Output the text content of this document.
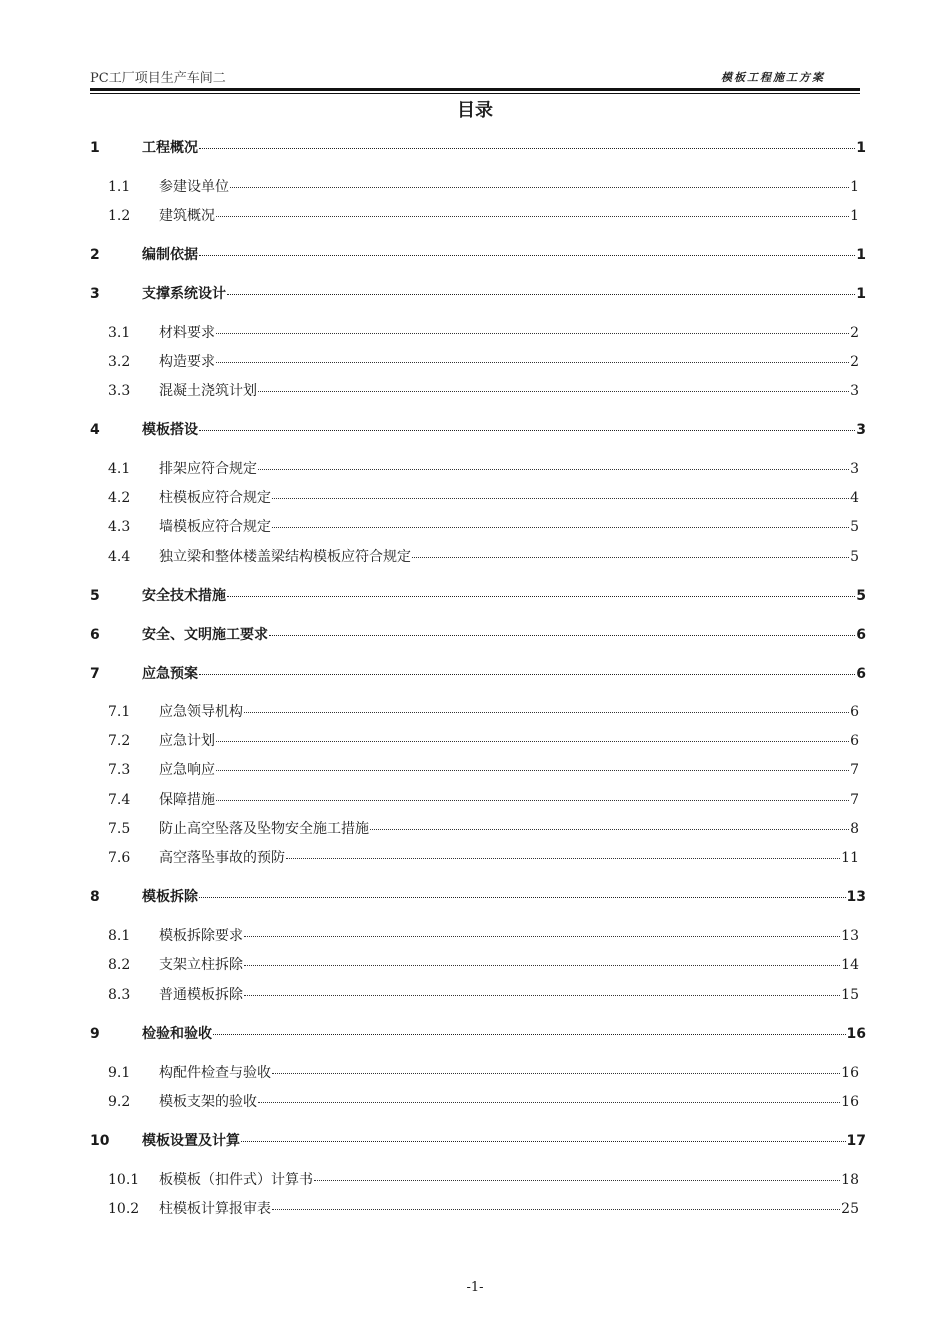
PC工厂项目生产车间二	模板工程施工方案
目录
1	工程概况	1
1.1	参建设单位	1
1.2	建筑概况	1
2	编制依据	1
3	支撑系统设计	1
3.1	材料要求	2
3.2	构造要求	2
3.3	混凝土浇筑计划	3
4	模板搭设	3
4.1	排架应符合规定	3
4.2	柱模板应符合规定	4
4.3	墙模板应符合规定	5
4.4	独立梁和整体楼盖梁结构模板应符合规定	5
5	安全技术措施	5
6	安全、文明施工要求	6
7	应急预案	6
7.1	应急领导机构	6
7.2	应急计划	6
7.3	应急响应	7
7.4	保障措施	7
7.5	防止高空坠落及坠物安全施工措施	8
7.6	高空落坠事故的预防	11
8	模板拆除	13
8.1	模板拆除要求	13
8.2	支架立柱拆除	14
8.3	普通模板拆除	15
9	检验和验收	16
9.1	构配件检查与验收	16
9.2	模板支架的验收	16
10	模板设置及计算	17
10.1	板模板（扣件式）计算书	18
10.2	柱模板计算报审表	25
-1-
